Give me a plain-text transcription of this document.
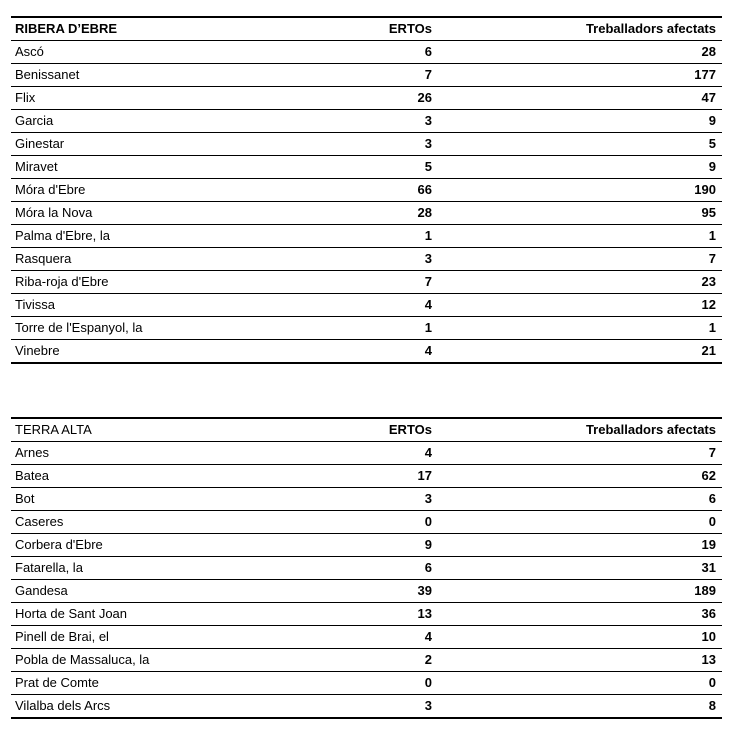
RIBERA D’EBRE	ERTOs	Treballadors afectats
Ascó	6	28
Benissanet	7	177
Flix	26	47
Garcia	3	9
Ginestar	3	5
Miravet	5	9
Móra d'Ebre	66	190
Móra la Nova	28	95
Palma d'Ebre, la	1	1
Rasquera	3	7
Riba-roja d'Ebre	7	23
Tivissa	4	12
Torre de l'Espanyol, la	1	1
Vinebre	4	21
TERRA ALTA	ERTOs	Treballadors afectats
Arnes	4	7
Batea	17	62
Bot	3	6
Caseres	0	0
Corbera d'Ebre	9	19
Fatarella, la	6	31
Gandesa	39	189
Horta de Sant Joan	13	36
Pinell de Brai, el	4	10
Pobla de Massaluca, la	2	13
Prat de Comte	0	0
Vilalba dels Arcs	3	8
